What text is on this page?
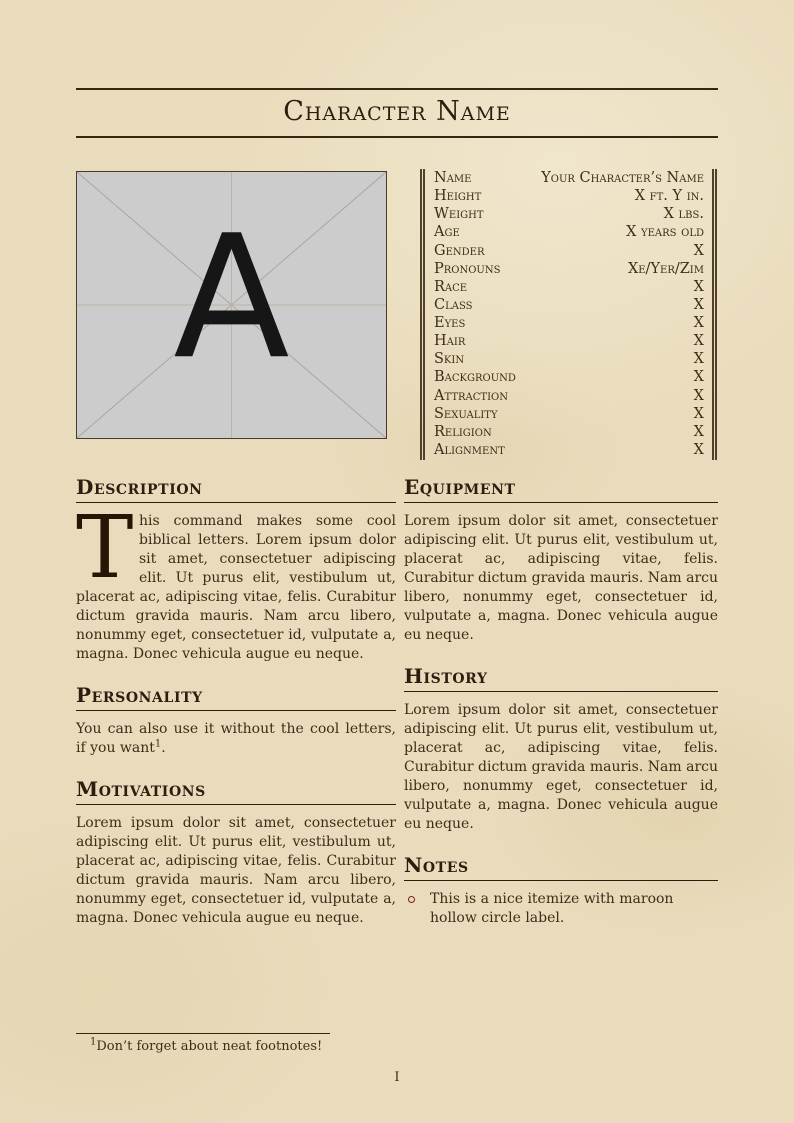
Character Name
A
Name	Your Character’s Name
Height	X ft. Y in.
Weight	X lbs.
Age	X years old
Gender	X
Pronouns	Xe/Yer/Zim
Race	X
Class	X
Eyes	X
Hair	X
Skin	X
Background	X
Attraction	X
Sexuality	X
Religion	X
Alignment	X
Description

This command makes some cool biblical letters. Lorem ipsum dolor sit amet, consectetuer adipiscing elit. Ut purus elit, vestibulum ut, placerat ac, adipiscing vitae, felis. Curabitur dictum gravida mauris. Nam arcu libero, nonummy eget, consectetuer id, vulputate a, magna. Donec vehicula augue eu neque.

Personality

You can also use it without the cool letters, if you want$^1$.

Motivations

Lorem ipsum dolor sit amet, consectetuer adipiscing elit. Ut purus elit, vestibulum ut, placerat ac, adipiscing vitae, felis. Curabitur dictum gravida mauris. Nam arcu libero, nonummy eget, consectetuer id, vulputate a, magna. Donec vehicula augue eu neque.

Equipment

Lorem ipsum dolor sit amet, consectetuer adipiscing elit. Ut purus elit, vestibulum ut, placerat ac, adipiscing vitae, felis. Curabitur dictum gravida mauris. Nam arcu libero, nonummy eget, consectetuer id, vulputate a, magna. Donec vehicula augue eu neque.

History

Lorem ipsum dolor sit amet, consectetuer adipiscing elit. Ut purus elit, vestibulum ut, placerat ac, adipiscing vitae, felis. Curabitur dictum gravida mauris. Nam arcu libero, nonummy eget, consectetuer id, vulputate a, magna. Donec vehicula augue eu neque.

Notes
This is a nice itemize with maroon hollow circle label.

$^1$Don’t forget about neat footnotes!

I
